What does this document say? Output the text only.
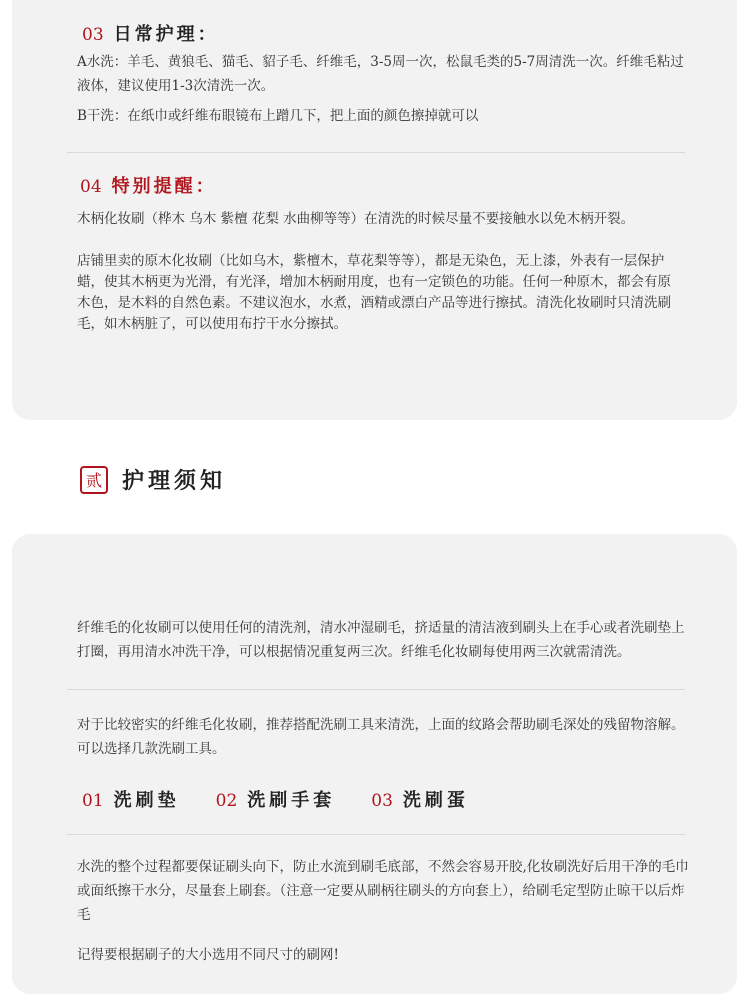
03 日常护理：

A水洗：羊毛、黄狼毛、猫毛、貂子毛、纤维毛，3-5周一次，松鼠毛类的5-7周清洗一次。纤维毛粘过液体，建议使用1-3次清洗一次。

B干洗：在纸巾或纤维布眼镜布上蹭几下，把上面的颜色擦掉就可以

04 特别提醒：

木柄化妆刷（桦木 乌木 紫檀 花梨 水曲柳等等）在清洗的时候尽量不要接触水以免木柄开裂。

店铺里卖的原木化妆刷（比如乌木，紫檀木，草花梨等等），都是无染色，无上漆，外表有一层保护蜡，使其木柄更为光滑，有光泽，增加木柄耐用度，也有一定锁色的功能。任何一种原木，都会有原木色，是木料的自然色素。不建议泡水，水煮，酒精或漂白产品等进行擦拭。清洗化妆刷时只清洗刷毛，如木柄脏了，可以使用布拧干水分擦拭。

贰 护理须知

纤维毛的化妆刷可以使用任何的清洗剂，清水冲湿刷毛，挤适量的清洁液到刷头上在手心或者洗刷垫上打圈，再用清水冲洗干净，可以根据情况重复两三次。纤维毛化妆刷每使用两三次就需清洗。

对于比较密实的纤维毛化妆刷，推荐搭配洗刷工具来清洗，上面的纹路会帮助刷毛深处的残留物溶解。可以选择几款洗刷工具。

01 洗刷垫 02 洗刷手套 03 洗刷蛋

水洗的整个过程都要保证刷头向下，防止水流到刷毛底部，不然会容易开胶,化妆刷洗好后用干净的毛巾或面纸擦干水分，尽量套上刷套。（注意一定要从刷柄往刷头的方向套上），给刷毛定型防止晾干以后炸毛

记得要根据刷子的大小选用不同尺寸的刷网!
